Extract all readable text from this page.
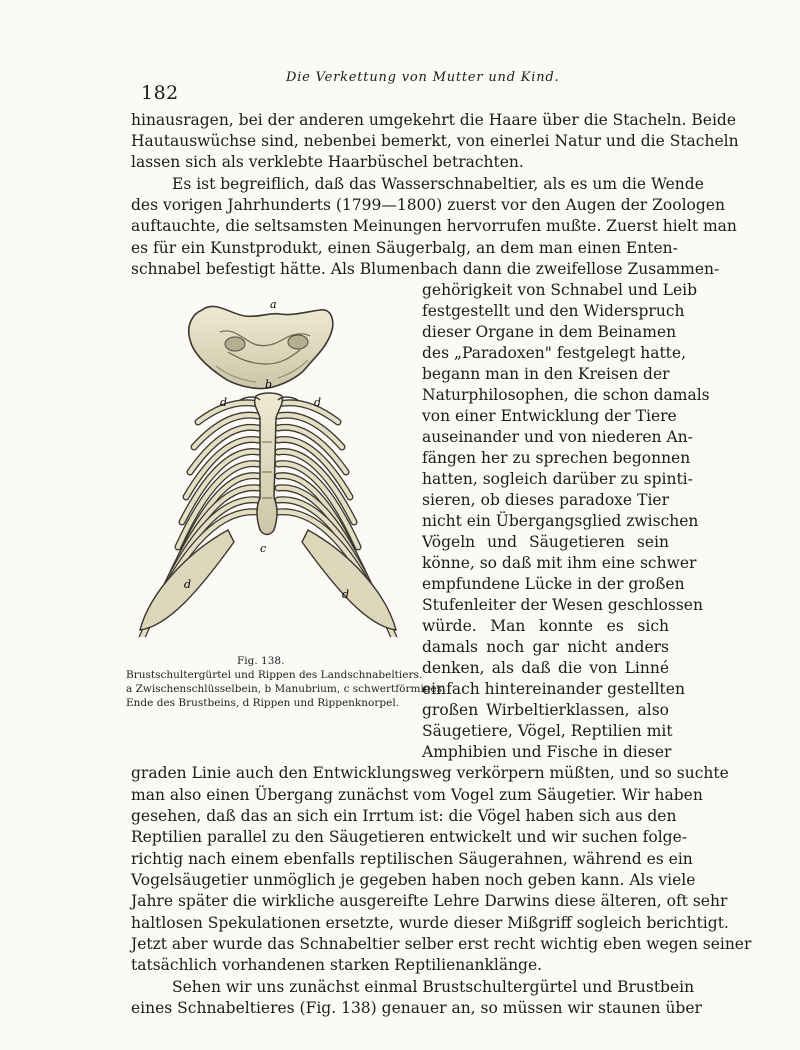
182
Die Verkettung von Mutter und Kind.
hinausragen, bei der anderen umgekehrt die Haare über die Stacheln. Beide
Hautauswüchse sind, nebenbei bemerkt, von einerlei Natur und die Stacheln
lassen sich als verklebte Haarbüschel betrachten.
Es ist begreiflich, daß das Wasserschnabeltier, als es um die Wende
des vorigen Jahrhunderts (1799—1800) zuerst vor den Augen der Zoologen
auftauchte, die seltsamsten Meinungen hervorrufen mußte. Zuerst hielt man
es für ein Kunstprodukt, einen Säugerbalg, an dem man einen Enten-
schnabel befestigt hätte. Als Blumenbach dann die zweifellose Zusammen-
gehörigkeit von Schnabel und Leib
festgestellt und den Widerspruch
dieser Organe in dem Beinamen
des „Paradoxen" festgelegt hatte,
begann man in den Kreisen der
Naturphilosophen, die schon damals
von einer Entwicklung der Tiere
auseinander und von niederen An-
fängen her zu sprechen begonnen
hatten, sogleich darüber zu spinti-
sieren, ob dieses paradoxe Tier
nicht ein Übergangsglied zwischen
Vögeln und Säugetieren sein
könne, so daß mit ihm eine schwer
empfundene Lücke in der großen
Stufenleiter der Wesen geschlossen
würde. Man konnte es sich
damals noch gar nicht anders
denken, als daß die von Linné
einfach hintereinander gestellten
großen Wirbeltierklassen, also
Säugetiere, Vögel, Reptilien mit
Amphibien und Fische in dieser
graden Linie auch den Entwicklungsweg verkörpern müßten, und so suchte
man also einen Übergang zunächst vom Vogel zum Säugetier. Wir haben
gesehen, daß das an sich ein Irrtum ist: die Vögel haben sich aus den
Reptilien parallel zu den Säugetieren entwickelt und wir suchen folge-
richtig nach einem ebenfalls reptilischen Säugerahnen, während es ein
Vogelsäugetier unmöglich je gegeben haben noch geben kann. Als viele
Jahre später die wirkliche ausgereifte Lehre Darwins diese älteren, oft sehr
haltlosen Spekulationen ersetzte, wurde dieser Mißgriff sogleich berichtigt.
Jetzt aber wurde das Schnabeltier selber erst recht wichtig eben wegen seiner
tatsächlich vorhandenen starken Reptilienanklänge.
Sehen wir uns zunächst einmal Brustschultergürtel und Brustbein
eines Schnabeltieres (Fig. 138) genauer an, so müssen wir staunen über
a
b
c
d	d
d
d
Fig. 138.
Brustschultergürtel und Rippen des Landschnabeltiers.
a Zwischenschlüsselbein, b Manubrium, c schwertförmiges
Ende des Brustbeins, d Rippen und Rippenknorpel.
